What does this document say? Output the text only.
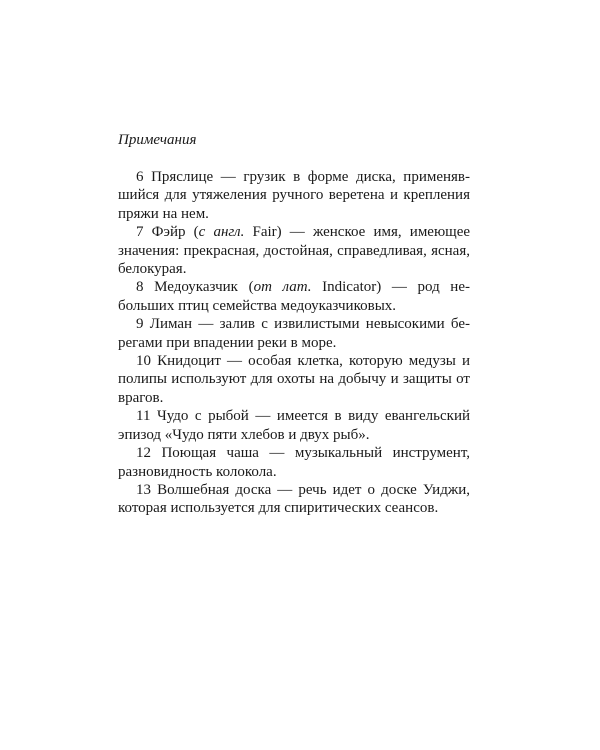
Примечания

6 Пряслице — грузик в форме диска, применявшийся для утяжеления ручного веретена и крепления пряжи на нем.

7 Фэйр (с англ. Fair) — женское имя, имеющее значения: прекрасная, достойная, справедливая, ясная, белокурая.

8 Медоуказчик (от лат. Indicator) — род небольших птиц семейства медоуказчиковых.

9 Лиман — залив с извилистыми невысокими берегами при впадении реки в море.

10 Книдоцит — особая клетка, которую медузы и полипы используют для охоты на добычу и защиты от врагов.

11 Чудо с рыбой — имеется в виду евангельский эпизод «Чудо пяти хлебов и двух рыб».

12 Поющая чаша — музыкальный инструмент, разновидность колокола.

13 Волшебная доска — речь идет о доске Уиджи, которая используется для спиритических сеансов.
